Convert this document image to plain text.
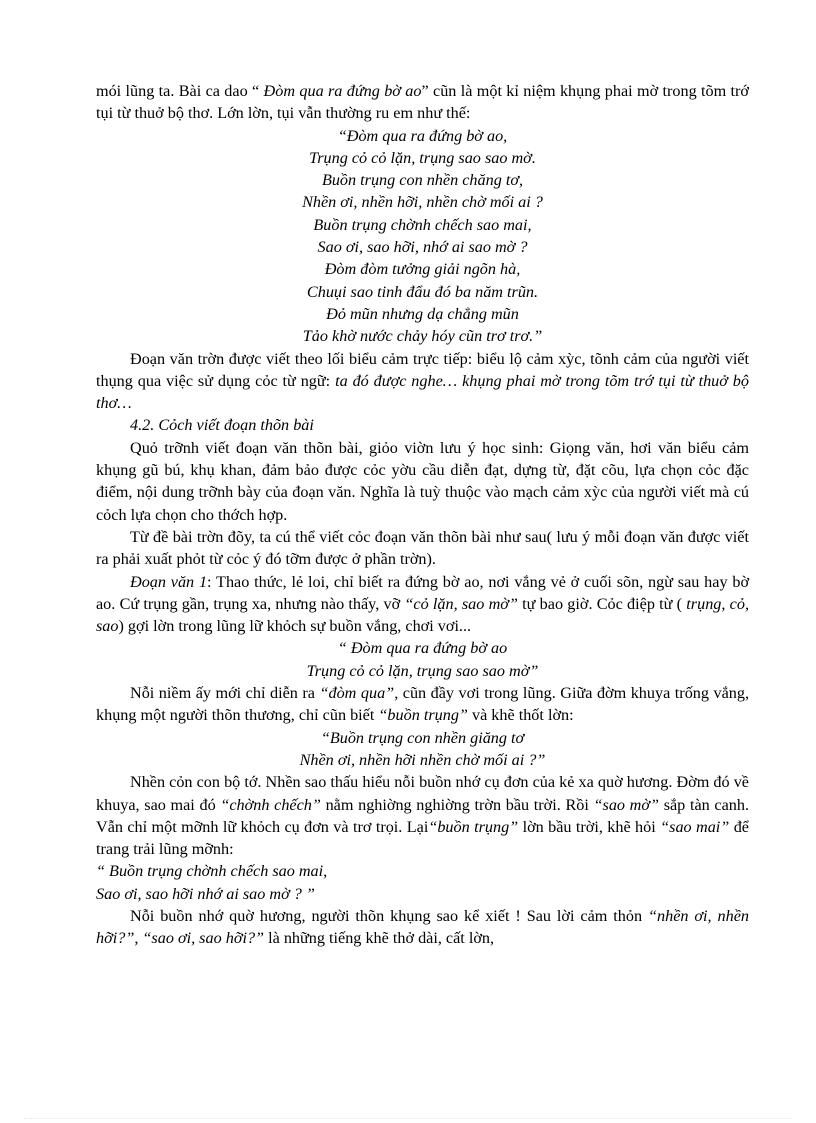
mói lũng ta. Bài ca dao “ Đòm qua ra đứng bờ ao” cũn là một kỉ niệm khụng phai mờ trong tõm trớ tụi từ thuở bộ thơ. Lớn lờn, tụi vẫn thường ru em như thế:

“Đòm qua ra đứng bờ ao,

Trụng cỏ cỏ lặn, trụng sao sao mờ.

Buồn trụng con nhền chăng tơ,

Nhền ơi, nhền hỡi, nhền chờ mối ai ?

Buồn trụng chờnh chếch sao mai,

Sao ơi, sao hỡi, nhớ ai sao mờ ?

Đòm đòm tưởng giải ngõn hà,

Chuụi sao tinh đẩu đó ba năm trũn.

Đỏ mũn nhưng dạ chẳng mũn

Tảo khờ nước chảy hóy cũn trơ trơ.”

Đoạn văn trờn được viết theo lối biểu cảm trực tiếp: biểu lộ cảm xỳc, tõnh cảm của người viết thụng qua việc sử dụng cỏc từ ngữ: ta đó được nghe… khụng phai mờ trong tõm trớ tụi từ thuở bộ thơ…

4.2. Cỏch viết đoạn thõn bài

Quỏ trỡnh viết đoạn văn thõn bài, giỏo viờn lưu ý học sinh: Giọng văn, hơi văn biểu cảm khụng gũ bú, khụ khan, đảm bảo được cỏc yờu cầu diễn đạt, dựng từ, đặt cõu, lựa chọn cỏc đặc điểm, nội dung trỡnh bày của đoạn văn. Nghĩa là tuỳ thuộc vào mạch cảm xỳc của người viết mà cú cỏch lựa chọn cho thớch hợp.

Từ đề bài trờn đõy, ta cú thể viết cỏc đoạn văn thõn bài như sau( lưu ý mỗi đoạn văn được viết ra phải xuất phỏt từ cỏc ý đó tỡm được ở phần trờn).

Đoạn văn 1: Thao thức, lẻ loi, chỉ biết ra đứng bờ ao, nơi vắng vẻ ở cuối sõn, ngừ sau hay bờ ao. Cứ trụng gần, trụng xa, nhưng nào thấy, vỡ “cỏ lặn, sao mờ” tự bao giờ. Cỏc điệp từ ( trụng, cỏ, sao) gợi lờn trong lũng lữ khỏch sự buồn vắng, chơi vơi...

“ Đòm qua ra đứng bờ ao

Trụng cỏ cỏ lặn, trụng sao sao mờ”

Nỗi niềm ấy mới chỉ diễn ra “đòm qua”, cũn đầy vơi trong lũng. Giữa đờm khuya trống vắng, khụng một người thõn thương, chỉ cũn biết “buồn trụng” và khẽ thốt lờn:

“Buồn trụng con nhền giăng tơ

Nhền ơi, nhền hỡi nhền chờ mối ai ?”

Nhền cỏn con bộ tớ. Nhền sao thấu hiểu nỗi buồn nhớ cụ đơn của kẻ xa quờ hương. Đờm đó về khuya, sao mai đó “chờnh chếch” nằm nghiờng nghiờng trờn bầu trời. Rồi “sao mờ” sắp tàn canh. Vẫn chỉ một mỡnh lữ khỏch cụ đơn và trơ trọi. Lại“buồn trụng” lờn bầu trời, khẽ hỏi “sao mai” để trang trải lũng mỡnh:

“ Buồn trụng chờnh chếch sao mai,

Sao ơi, sao hỡi nhớ ai sao mờ ? ”

Nỗi buồn nhớ quờ hương, người thõn khụng sao kể xiết ! Sau lời cảm thỏn “nhền ơi, nhền hỡi?”, “sao ơi, sao hỡi?” là những tiếng khẽ thở dài, cất lờn,
